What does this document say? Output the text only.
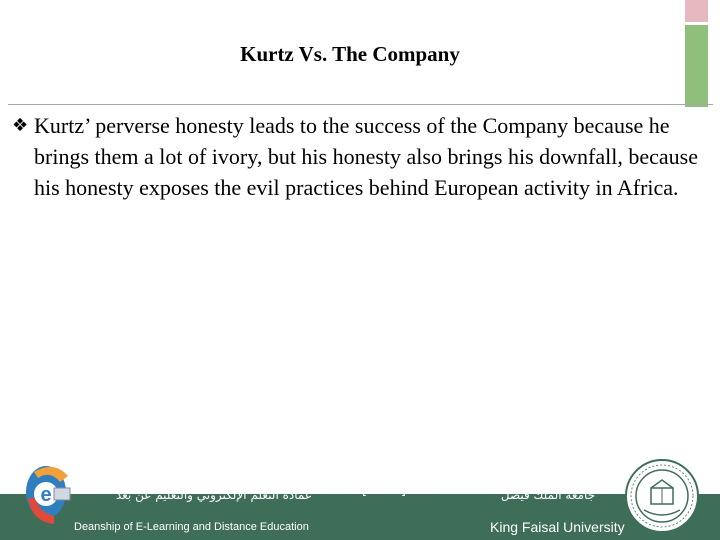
Kurtz Vs. The Company
❖ Kurtz’ perverse honesty leads to the success of the Company because he brings them a lot of ivory, but his honesty also brings his downfall, because his honesty exposes the evil practices behind European activity in Africa.
e	عمادة التعلم الإلكتروني والتعليم عن بعد
Deanship of E-Learning and Distance Education
[ 7 ]	جامعة الملك فيصل
King Faisal University
